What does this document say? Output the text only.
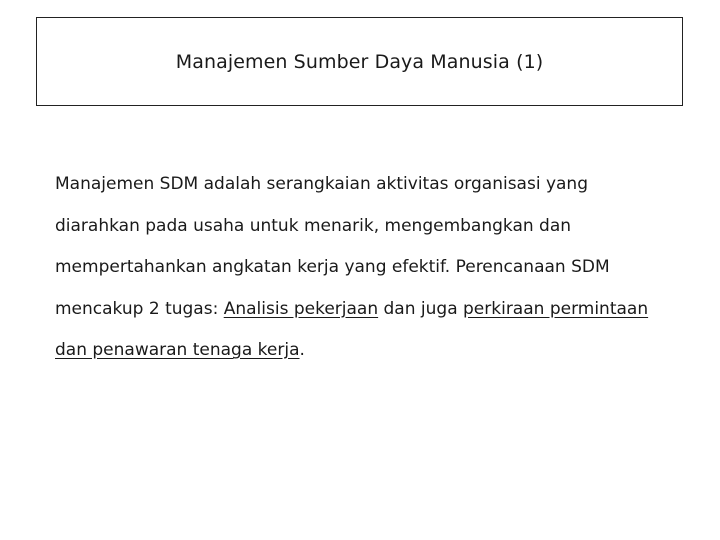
Manajemen Sumber Daya Manusia (1)
Manajemen SDM adalah serangkaian aktivitas organisasi yang
diarahkan pada usaha untuk menarik, mengembangkan dan
mempertahankan angkatan kerja yang efektif. Perencanaan SDM
mencakup 2 tugas: Analisis pekerjaan dan juga perkiraan permintaan
dan penawaran tenaga kerja.
